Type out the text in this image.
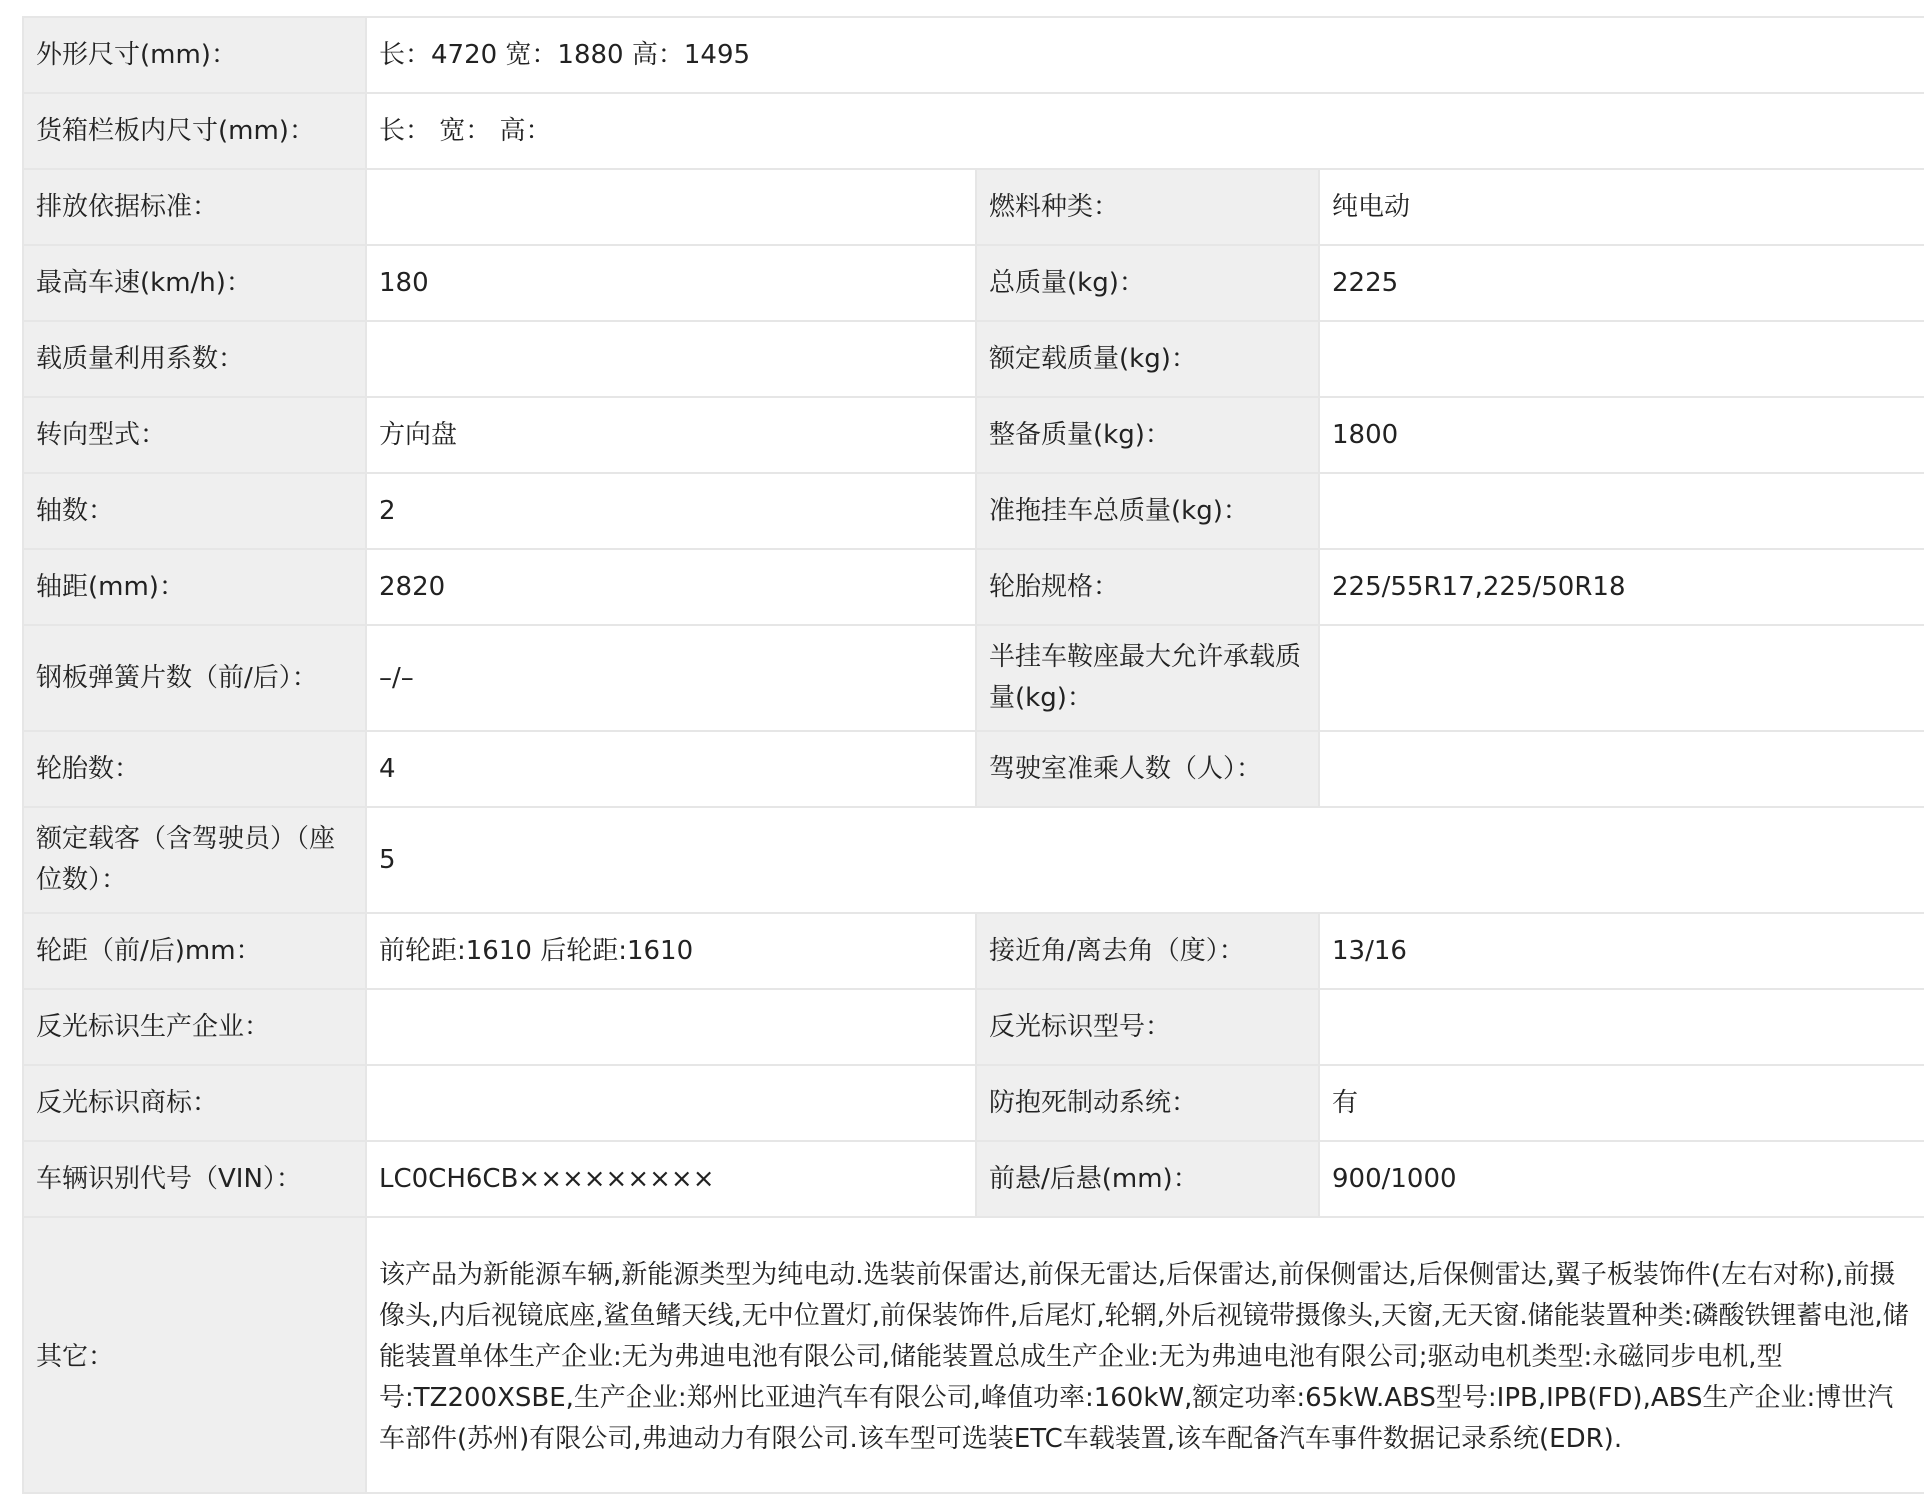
外形尺寸(mm)：	长：4720 宽：1880 高：1495		
货箱栏板内尺寸(mm)：	长： 宽： 高：		
排放依据标准：		燃料种类：	纯电动
最高车速(km/h)：	180	总质量(kg)：	2225
载质量利用系数：		额定载质量(kg)：	
转向型式：	方向盘	整备质量(kg)：	1800
轴数：	2	准拖挂车总质量(kg)：	
轴距(mm)：	2820	轮胎规格：	225/55R17,225/50R18
钢板弹簧片数（前/后）：	–/–	半挂车鞍座最大允许承载质量(kg)：	
轮胎数：	4	驾驶室准乘人数（人）：	
额定载客（含驾驶员）（座位数）：	5		
轮距（前/后)mm：	前轮距:1610 后轮距:1610	接近角/离去角（度）：	13/16
反光标识生产企业：		反光标识型号：	
反光标识商标：		防抱死制动系统：	有
车辆识别代号（VIN）：	LC0CH6CB×××××××××	前悬/后悬(mm)：	900/1000
其它：	该产品为新能源车辆,新能源类型为纯电动.选装前保雷达,前保无雷达,后保雷达,前保侧雷达,后保侧雷达,翼子板装饰件(左右对称),前摄像头,内后视镜底座,鲨鱼鳍天线,无中位置灯,前保装饰件,后尾灯,轮辋,外后视镜带摄像头,天窗,无天窗.储能装置种类:磷酸铁锂蓄电池,储能装置单体生产企业:无为弗迪电池有限公司,储能装置总成生产企业:无为弗迪电池有限公司;驱动电机类型:永磁同步电机,型号:TZ200XSBE,生产企业:郑州比亚迪汽车有限公司,峰值功率:160kW,额定功率:65kW.ABS型号:IPB,IPB(FD),ABS生产企业:博世汽车部件(苏州)有限公司,弗迪动力有限公司.该车型可选装ETC车载装置,该车配备汽车事件数据记录系统(EDR).		
